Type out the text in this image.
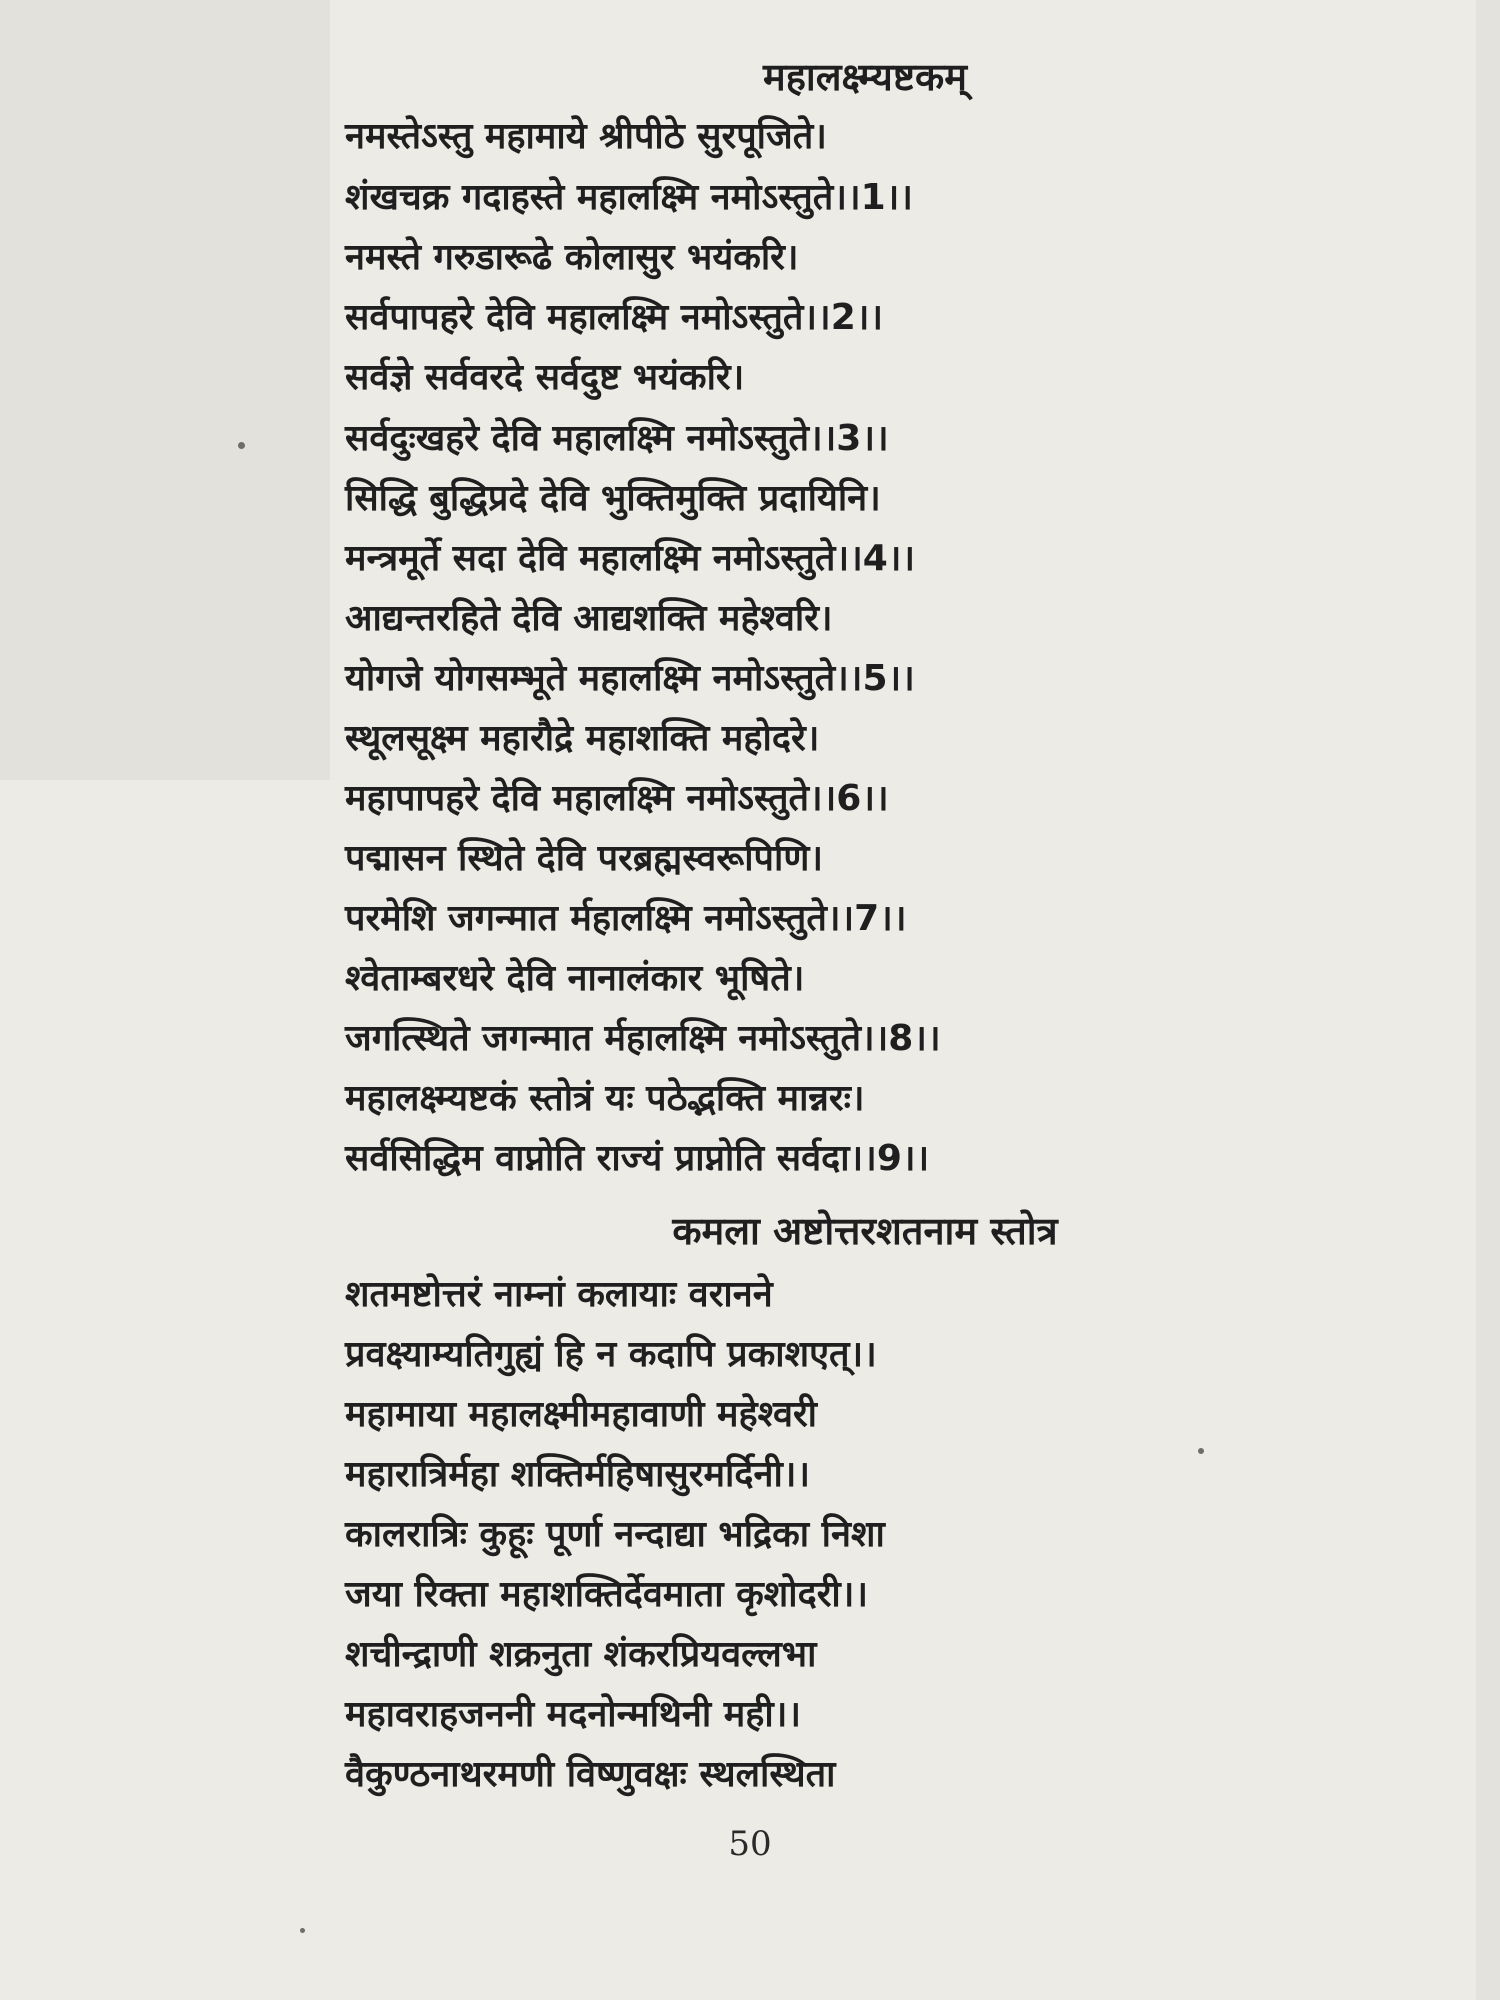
महालक्ष्म्यष्टकम्
नमस्तेऽस्तु महामाये श्रीपीठे सुरपूजिते।
शंखचक्र गदाहस्ते महालक्ष्मि नमोऽस्तुते।।1।।
नमस्ते गरुडारूढे कोलासुर भयंकरि।
सर्वपापहरे देवि महालक्ष्मि नमोऽस्तुते।।2।।
सर्वज्ञे सर्ववरदे सर्वदुष्ट भयंकरि।
सर्वदुःखहरे देवि महालक्ष्मि नमोऽस्तुते।।3।।
सिद्धि बुद्धिप्रदे देवि भुक्तिमुक्ति प्रदायिनि।
मन्त्रमूर्ते सदा देवि महालक्ष्मि नमोऽस्तुते।।4।।
आद्यन्तरहिते देवि आद्यशक्ति महेश्वरि।
योगजे योगसम्भूते महालक्ष्मि नमोऽस्तुते।।5।।
स्थूलसूक्ष्म महारौद्रे महाशक्ति महोदरे।
महापापहरे देवि महालक्ष्मि नमोऽस्तुते।।6।।
पद्मासन स्थिते देवि परब्रह्मस्वरूपिणि।
परमेशि जगन्मात र्महालक्ष्मि नमोऽस्तुते।।7।।
श्वेताम्बरधरे देवि नानालंकार भूषिते।
जगत्स्थिते जगन्मात र्महालक्ष्मि नमोऽस्तुते।।8।।
महालक्ष्म्यष्टकं स्तोत्रं यः पठेद्भक्ति मान्नरः।
सर्वसिद्धिम वाप्नोति राज्यं प्राप्नोति सर्वदा।।9।।
कमला अष्टोत्तरशतनाम स्तोत्र
शतमष्टोत्तरं नाम्नां कलायाः वरानने
प्रवक्ष्याम्यतिगुह्यं हि न कदापि प्रकाशएत्।।
महामाया महालक्ष्मीमहावाणी महेश्वरी
महारात्रिर्महा शक्तिर्महिषासुरमर्दिनी।।
कालरात्रिः कुहूः पूर्णा नन्दाद्या भद्रिका निशा
जया रिक्ता महाशक्तिर्देवमाता कृशोदरी।।
शचीन्द्राणी शक्रनुता शंकरप्रियवल्लभा
महावराहजननी मदनोन्मथिनी मही।।
वैकुण्ठनाथरमणी विष्णुवक्षः स्थलस्थिता
50
